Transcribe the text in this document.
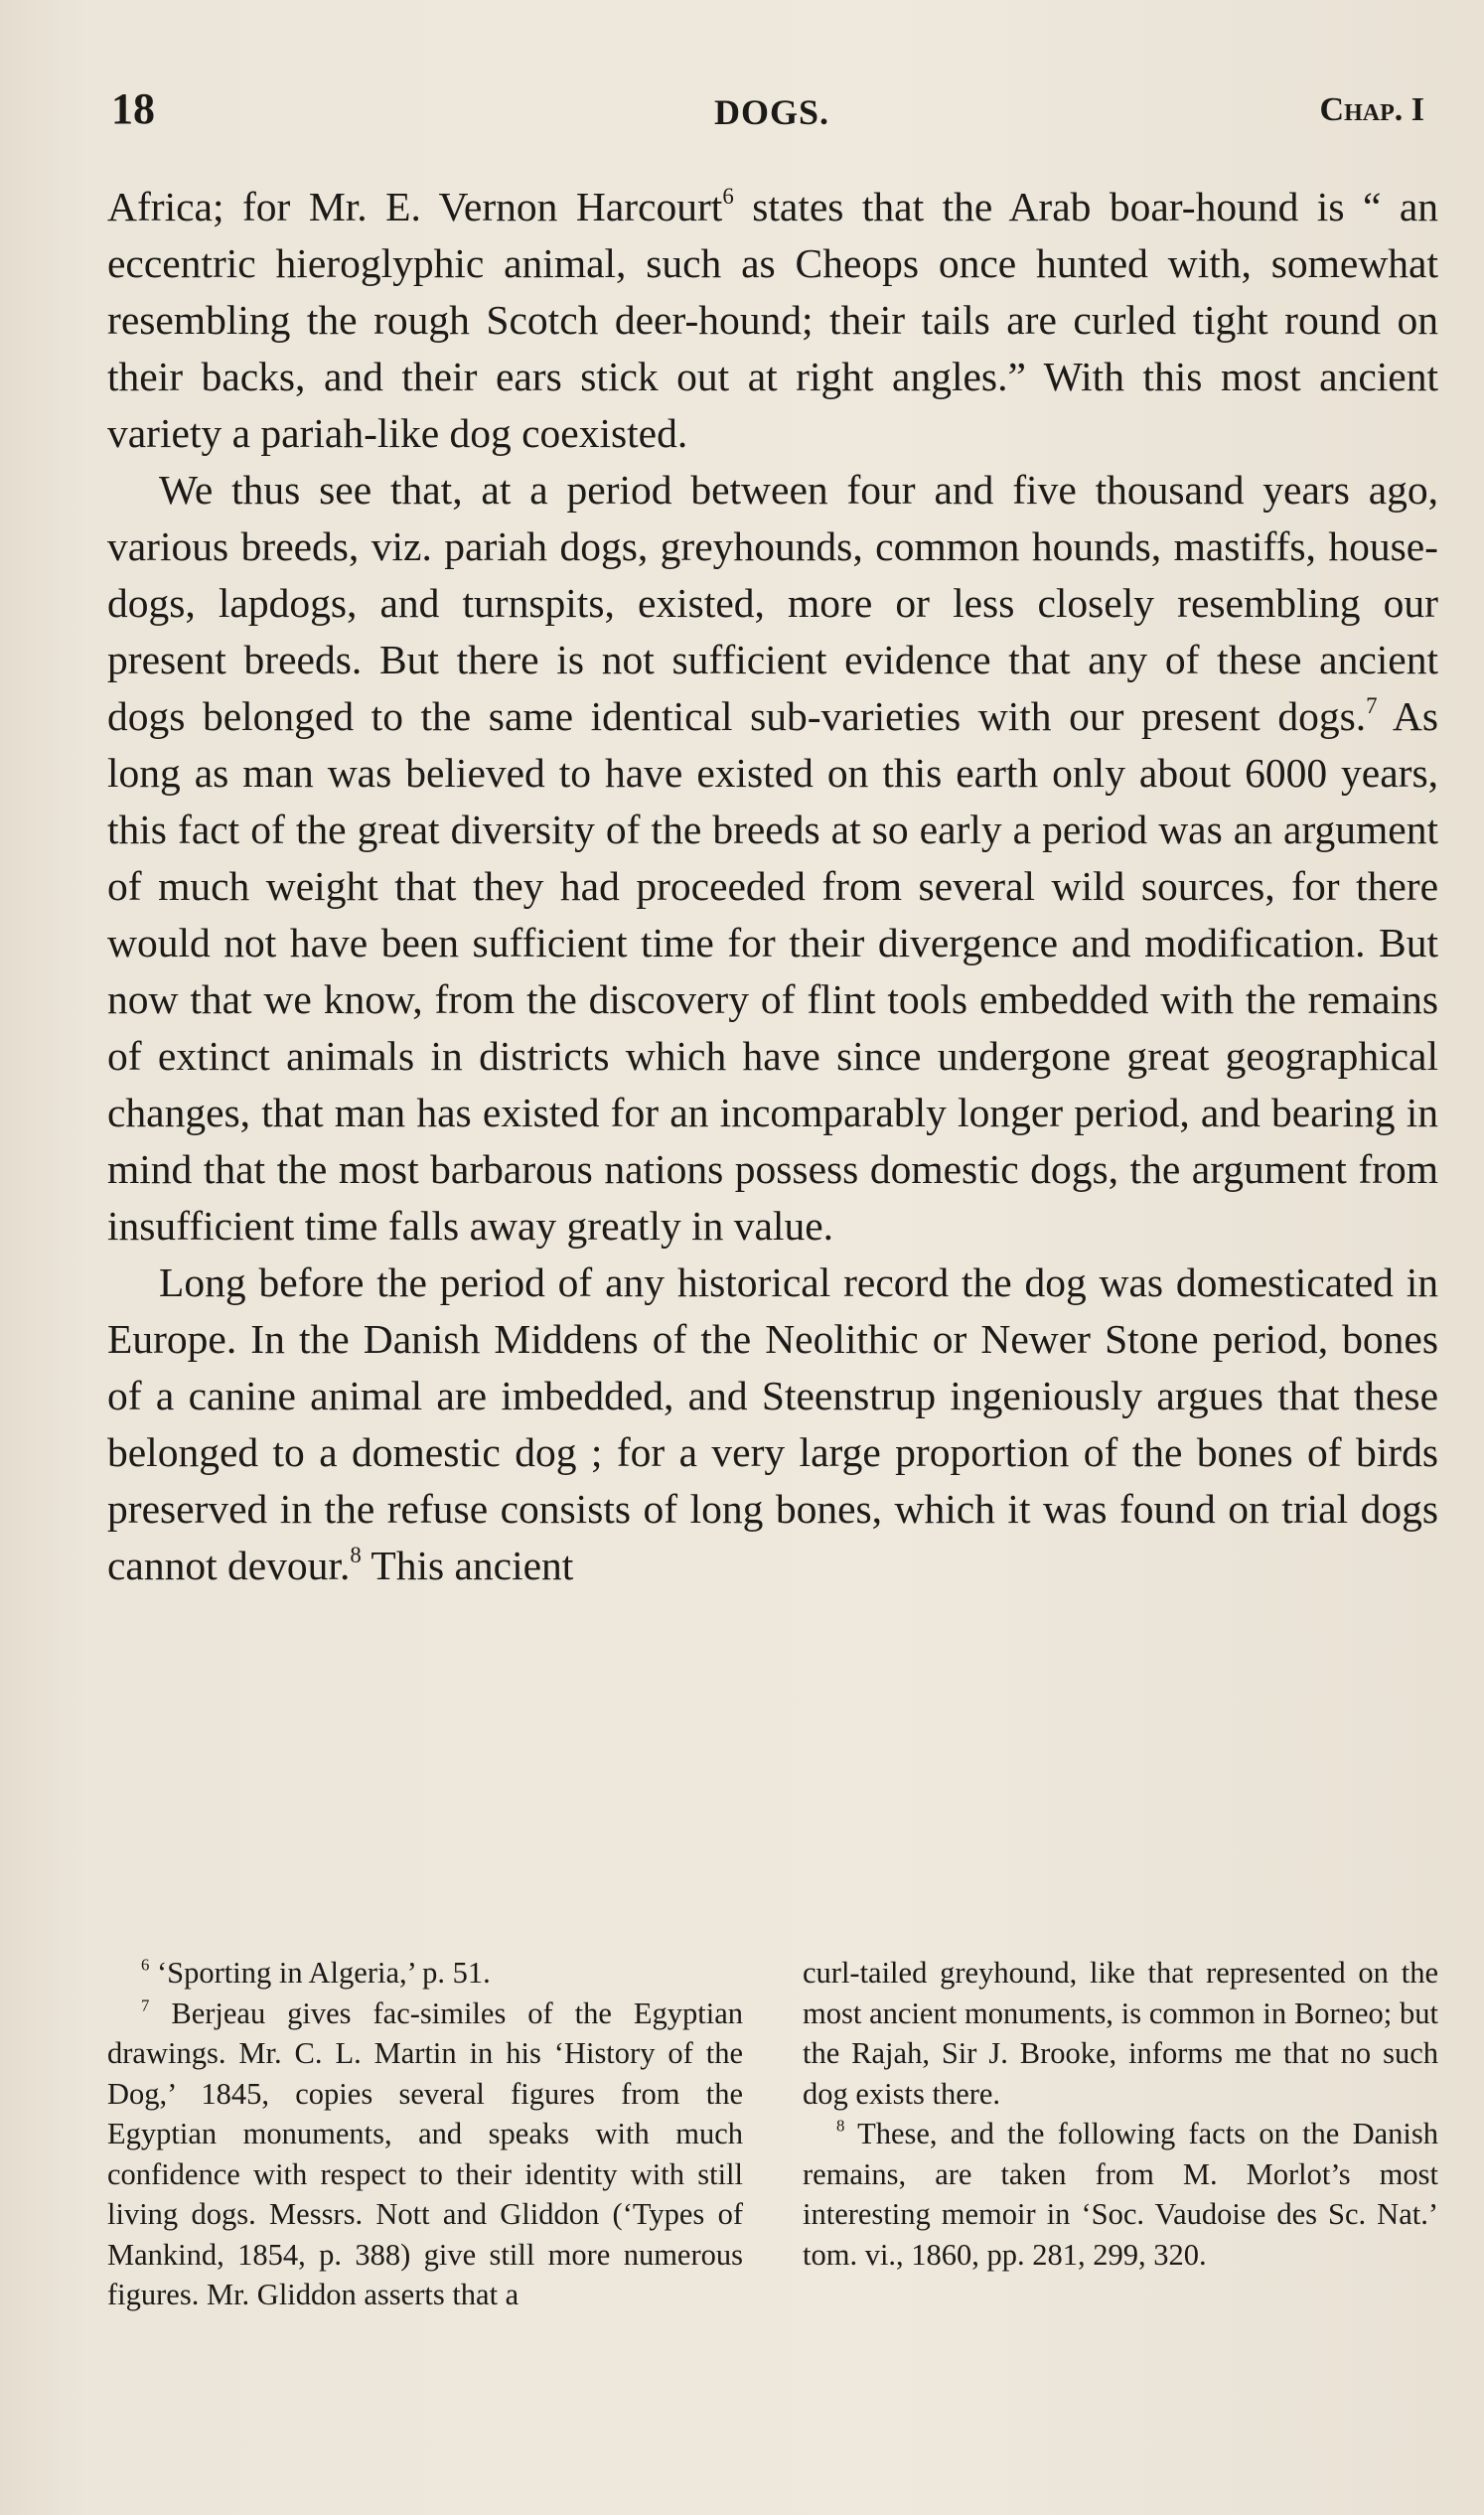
18	DOGS.	Chap. I

Africa; for Mr. E. Vernon Harcourt$^6$ states that the Arab boar-hound is “ an eccentric hieroglyphic animal, such as Cheops once hunted with, somewhat resembling the rough Scotch deer-hound; their tails are curled tight round on their backs, and their ears stick out at right angles.” With this most ancient variety a pariah-like dog coexisted.

We thus see that, at a period between four and five thousand years ago, various breeds, viz. pariah dogs, greyhounds, common hounds, mastiffs, house-dogs, lapdogs, and turnspits, existed, more or less closely resembling our present breeds. But there is not sufficient evidence that any of these ancient dogs belonged to the same identical sub-varieties with our present dogs.$^7$ As long as man was believed to have existed on this earth only about 6000 years, this fact of the great diversity of the breeds at so early a period was an argument of much weight that they had proceeded from several wild sources, for there would not have been sufficient time for their divergence and modification. But now that we know, from the discovery of flint tools embedded with the remains of extinct animals in districts which have since undergone great geographical changes, that man has existed for an incomparably longer period, and bearing in mind that the most barbarous nations possess domestic dogs, the argument from insufficient time falls away greatly in value.

Long before the period of any historical record the dog was domesticated in Europe. In the Danish Middens of the Neolithic or Newer Stone period, bones of a canine animal are imbedded, and Steenstrup ingeniously argues that these belonged to a domestic dog ; for a very large proportion of the bones of birds preserved in the refuse consists of long bones, which it was found on trial dogs cannot devour.$^8$ This ancient

$^6$ ‘Sporting in Algeria,’ p. 51.

$^7$ Berjeau gives fac-similes of the Egyptian drawings. Mr. C. L. Martin in his ‘History of the Dog,’ 1845, copies several figures from the Egyptian monuments, and speaks with much confidence with respect to their identity with still living dogs. Messrs. Nott and Gliddon (‘Types of Mankind, 1854, p. 388) give still more numerous figures. Mr. Gliddon asserts that a

curl-tailed greyhound, like that represented on the most ancient monuments, is common in Borneo; but the Rajah, Sir J. Brooke, informs me that no such dog exists there.

$^8$ These, and the following facts on the Danish remains, are taken from M. Morlot’s most interesting memoir in ‘Soc. Vaudoise des Sc. Nat.’ tom. vi., 1860, pp. 281, 299, 320.
